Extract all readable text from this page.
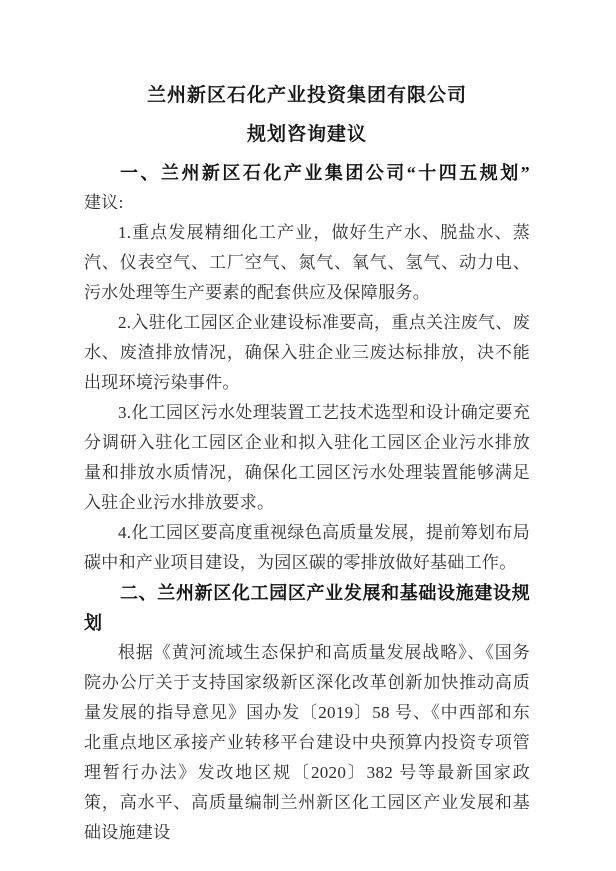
兰州新区石化产业投资集团有限公司
规划咨询建议

一、兰州新区石化产业集团公司“十四五规划”

建议:

1.重点发展精细化工产业，做好生产水、脱盐水、蒸汽、仪表空气、工厂空气、氮气、氧气、氢气、动力电、污水处理等生产要素的配套供应及保障服务。

2.入驻化工园区企业建设标准要高，重点关注废气、废水、废渣排放情况，确保入驻企业三废达标排放，决不能出现环境污染事件。

3.化工园区污水处理装置工艺技术选型和设计确定要充分调研入驻化工园区企业和拟入驻化工园区企业污水排放量和排放水质情况，确保化工园区污水处理装置能够满足入驻企业污水排放要求。

4.化工园区要高度重视绿色高质量发展，提前筹划布局碳中和产业项目建设，为园区碳的零排放做好基础工作。

二、兰州新区化工园区产业发展和基础设施建设规划

根据《黄河流域生态保护和高质量发展战略》、《国务院办公厅关于支持国家级新区深化改革创新加快推动高质量发展的指导意见》国办发〔2019〕58 号、《中西部和东北重点地区承接产业转移平台建设中央预算内投资专项管理暂行办法》发改地区规〔2020〕382 号等最新国家政策，高水平、高质量编制兰州新区化工园区产业发展和基础设施建设
